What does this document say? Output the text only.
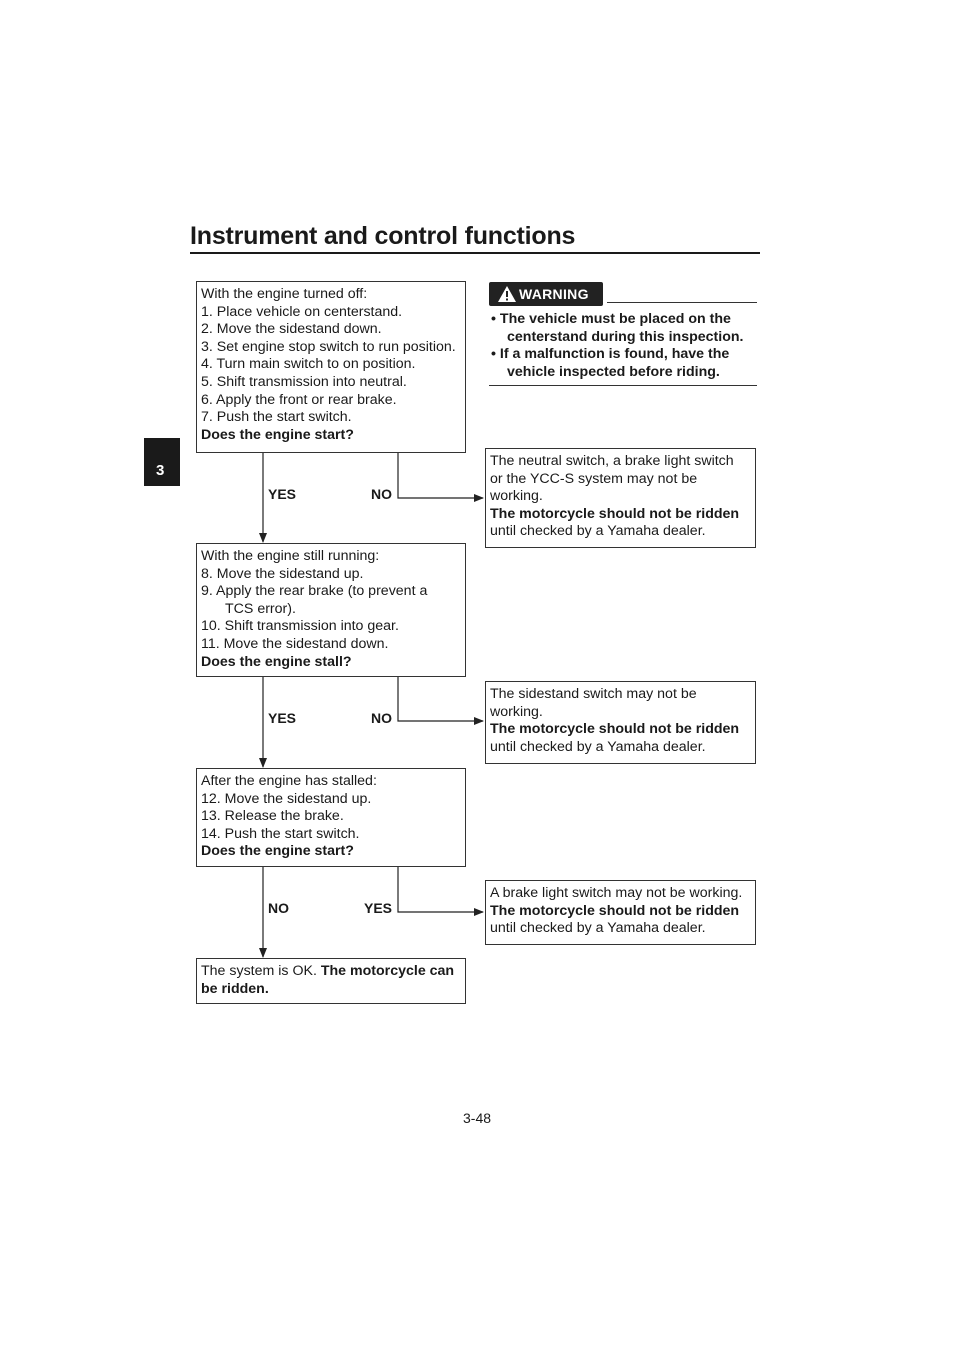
Instrument and control functions
3

With the engine turned off:

1. Place vehicle on centerstand.

2. Move the sidestand down.

3. Set engine stop switch to run position.

4. Turn main switch to on position.

5. Shift transmission into neutral.

6. Apply the front or rear brake.

7. Push the start switch.

Does the engine start?

YES	NO
WARNING

• The vehicle must be placed on the

centerstand during this inspection.

• If a malfunction is found, have the

vehicle inspected before riding.

The neutral switch, a brake light switch

or the YCC-S system may not be

working.

The motorcycle should not be ridden

until checked by a Yamaha dealer.

With the engine still running:

8. Move the sidestand up.

9. Apply the rear brake (to prevent a

TCS error).

10. Shift transmission into gear.

11. Move the sidestand down.

Does the engine stall?

YES	NO

The sidestand switch may not be

working.

The motorcycle should not be ridden

until checked by a Yamaha dealer.

After the engine has stalled:

12. Move the sidestand up.

13. Release the brake.

14. Push the start switch.

Does the engine start?

NO	YES

A brake light switch may not be working.

The motorcycle should not be ridden

until checked by a Yamaha dealer.

The system is OK. The motorcycle can

be ridden.

3-48
